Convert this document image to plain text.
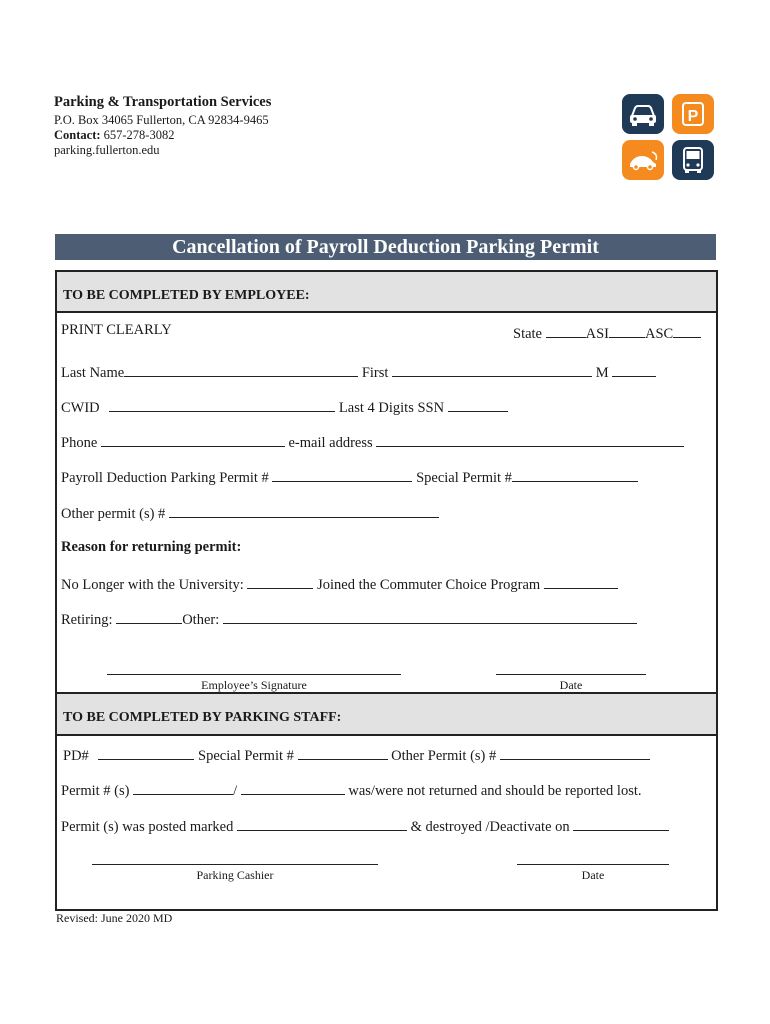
Parking & Transportation Services
P.O. Box 34065 Fullerton, CA 92834-9465
Contact: 657-278-3082
parking.fullerton.edu
P
Cancellation of Payroll Deduction Parking Permit
TO BE COMPLETED BY EMPLOYEE:
PRINT CLEARLY	State	ASI ASC
Last Name	First	M
CWID	Last 4 Digits SSN
Phone	e-mail address
Payroll Deduction Parking Permit #	Special Permit #
Other permit (s) #
Reason for returning permit:
No Longer with the University:	Joined the Commuter Choice Program
Retiring:	Other:
Employee’s Signature	Date
TO BE COMPLETED BY PARKING STAFF:
PD#	Special Permit #	Other Permit (s) #
Permit # (s)	/	was/were not returned and should be reported lost.
Permit (s) was posted marked	& destroyed /Deactivate on
Parking Cashier	Date
Revised: June 2020 MD
